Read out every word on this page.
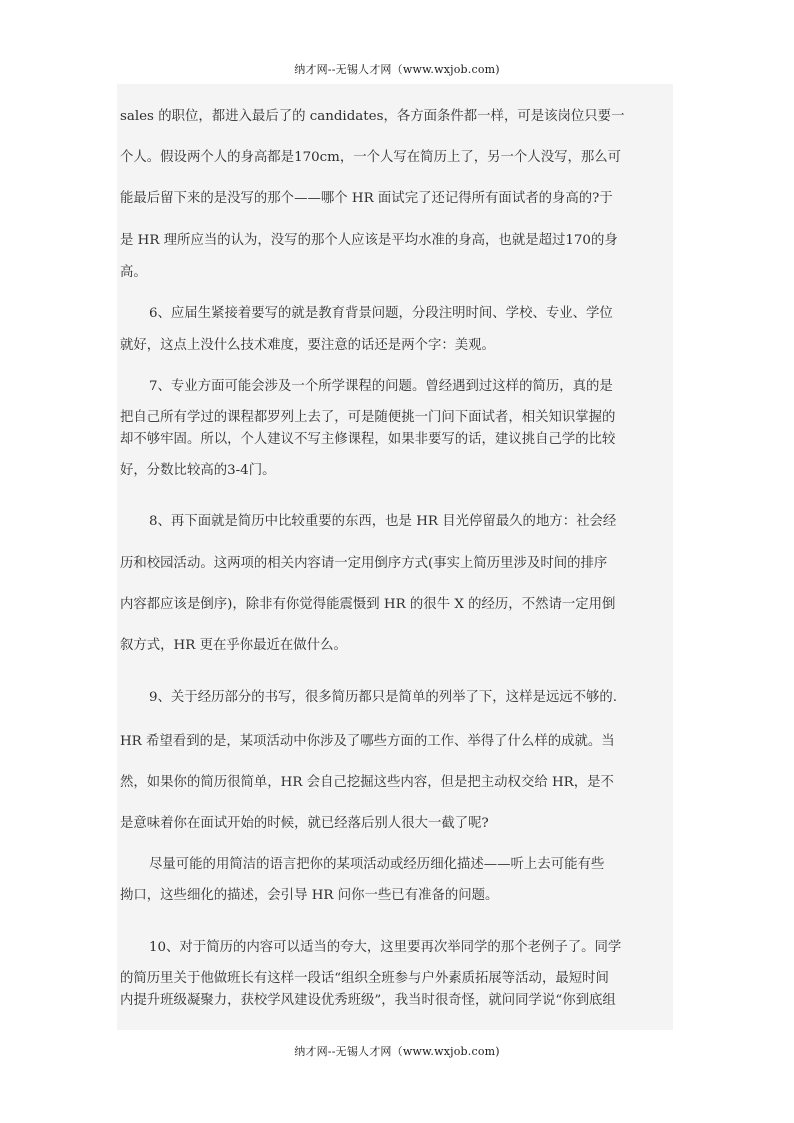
纳才网--无锡人才网（www.wxjob.com)
sales 的职位，都进入最后了的 candidates，各方面条件都一样，可是该岗位只要一
个人。假设两个人的身高都是170cm，一个人写在简历上了，另一个人没写，那么可
能最后留下来的是没写的那个——哪个 HR 面试完了还记得所有面试者的身高的?于
是 HR 理所应当的认为，没写的那个人应该是平均水准的身高，也就是超过170的身
高。
6、应届生紧接着要写的就是教育背景问题，分段注明时间、学校、专业、学位
就好，这点上没什么技术难度，要注意的话还是两个字：美观。
7、专业方面可能会涉及一个所学课程的问题。曾经遇到过这样的简历，真的是
把自己所有学过的课程都罗列上去了，可是随便挑一门问下面试者，相关知识掌握的
却不够牢固。所以，个人建议不写主修课程，如果非要写的话，建议挑自己学的比较
好，分数比较高的3-4门。
8、再下面就是简历中比较重要的东西，也是 HR 目光停留最久的地方：社会经
历和校园活动。这两项的相关内容请一定用倒序方式(事实上简历里涉及时间的排序
内容都应该是倒序)，除非有你觉得能震慑到 HR 的很牛 X 的经历，不然请一定用倒
叙方式，HR 更在乎你最近在做什么。
9、关于经历部分的书写，很多简历都只是简单的列举了下，这样是远远不够的.
HR 希望看到的是，某项活动中你涉及了哪些方面的工作、举得了什么样的成就。当
然，如果你的简历很简单，HR 会自己挖掘这些内容，但是把主动权交给 HR，是不
是意味着你在面试开始的时候，就已经落后别人很大一截了呢?
尽量可能的用简洁的语言把你的某项活动或经历细化描述——听上去可能有些
拗口，这些细化的描述，会引导 HR 问你一些已有准备的问题。
10、对于简历的内容可以适当的夸大，这里要再次举同学的那个老例子了。同学
的简历里关于他做班长有这样一段话“组织全班参与户外素质拓展等活动，最短时间
内提升班级凝聚力，获校学风建设优秀班级”，我当时很奇怪，就问同学说“你到底组
纳才网--无锡人才网（www.wxjob.com)
